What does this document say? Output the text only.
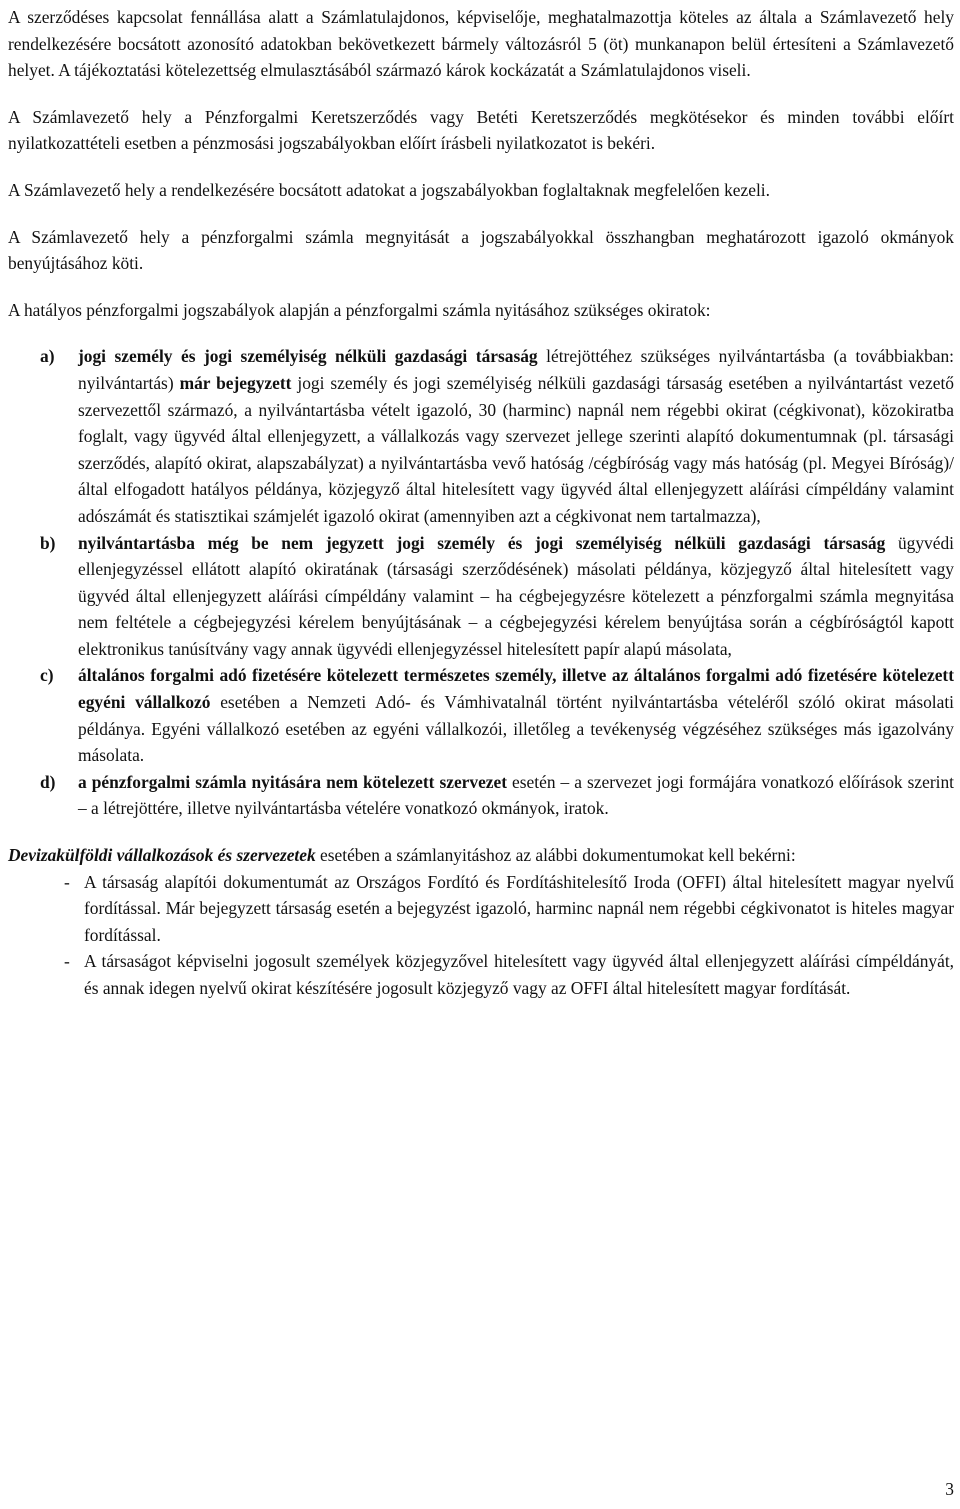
A szerződéses kapcsolat fennállása alatt a Számlatulajdonos, képviselője, meghatalmazottja köteles az általa a Számlavezető hely rendelkezésére bocsátott azonosító adatokban bekövetkezett bármely változásról 5 (öt) munkanapon belül értesíteni a Számlavezető helyet. A tájékoztatási kötelezettség elmulasztásából származó károk kockázatát a Számlatulajdonos viseli.

A Számlavezető hely a Pénzforgalmi Keretszerződés vagy Betéti Keretszerződés megkötésekor és minden további előírt nyilatkozattételi esetben a pénzmosási jogszabályokban előírt írásbeli nyilatkozatot is bekéri.

A Számlavezető hely a rendelkezésére bocsátott adatokat a jogszabályokban foglaltaknak megfelelően kezeli.

A Számlavezető hely a pénzforgalmi számla megnyitását a jogszabályokkal összhangban meghatározott igazoló okmányok benyújtásához köti.

A hatályos pénzforgalmi jogszabályok alapján a pénzforgalmi számla nyitásához szükséges okiratok:

a) jogi személy és jogi személyiség nélküli gazdasági társaság létrejöttéhez szükséges nyilvántartásba (a továbbiakban: nyilvántartás) már bejegyzett jogi személy és jogi személyiség nélküli gazdasági társaság esetében a nyilvántartást vezető szervezettől származó, a nyilvántartásba vételt igazoló, 30 (harminc) napnál nem régebbi okirat (cégkivonat), közokiratba foglalt, vagy ügyvéd által ellenjegyzett, a vállalkozás vagy szervezet jellege szerinti alapító dokumentumnak (pl. társasági szerződés, alapító okirat, alapszabályzat) a nyilvántartásba vevő hatóság /cégbíróság vagy más hatóság (pl. Megyei Bíróság)/ által elfogadott hatályos példánya, közjegyző által hitelesített vagy ügyvéd által ellenjegyzett aláírási címpéldány valamint adószámát és statisztikai számjelét igazoló okirat (amennyiben azt a cégkivonat nem tartalmazza),
b) nyilvántartásba még be nem jegyzett jogi személy és jogi személyiség nélküli gazdasági társaság ügyvédi ellenjegyzéssel ellátott alapító okiratának (társasági szerződésének) másolati példánya, közjegyző által hitelesített vagy ügyvéd által ellenjegyzett aláírási címpéldány valamint – ha cégbejegyzésre kötelezett a pénzforgalmi számla megnyitása nem feltétele a cégbejegyzési kérelem benyújtásának – a cégbejegyzési kérelem benyújtása során a cégbíróságtól kapott elektronikus tanúsítvány vagy annak ügyvédi ellenjegyzéssel hitelesített papír alapú másolata,
c) általános forgalmi adó fizetésére kötelezett természetes személy, illetve az általános forgalmi adó fizetésére kötelezett egyéni vállalkozó esetében a Nemzeti Adó- és Vámhivatalnál történt nyilvántartásba vételéről szóló okirat másolati példánya. Egyéni vállalkozó esetében az egyéni vállalkozói, illetőleg a tevékenység végzéséhez szükséges más igazolvány másolata.
d) a pénzforgalmi számla nyitására nem kötelezett szervezet esetén – a szervezet jogi formájára vonatkozó előírások szerint – a létrejöttére, illetve nyilvántartásba vételére vonatkozó okmányok, iratok.

Devizakülföldi vállalkozások és szervezetek esetében a számlanyitáshoz az alábbi dokumentumokat kell bekérni:

- A társaság alapítói dokumentumát az Országos Fordító és Fordításhitelesítő Iroda (OFFI) által hitelesített magyar nyelvű fordítással. Már bejegyzett társaság esetén a bejegyzést igazoló, harminc napnál nem régebbi cégkivonatot is hiteles magyar fordítással.
- A társaságot képviselni jogosult személyek közjegyzővel hitelesített vagy ügyvéd által ellenjegyzett aláírási címpéldányát, és annak idegen nyelvű okirat készítésére jogosult közjegyző vagy az OFFI által hitelesített magyar fordítását.
3
